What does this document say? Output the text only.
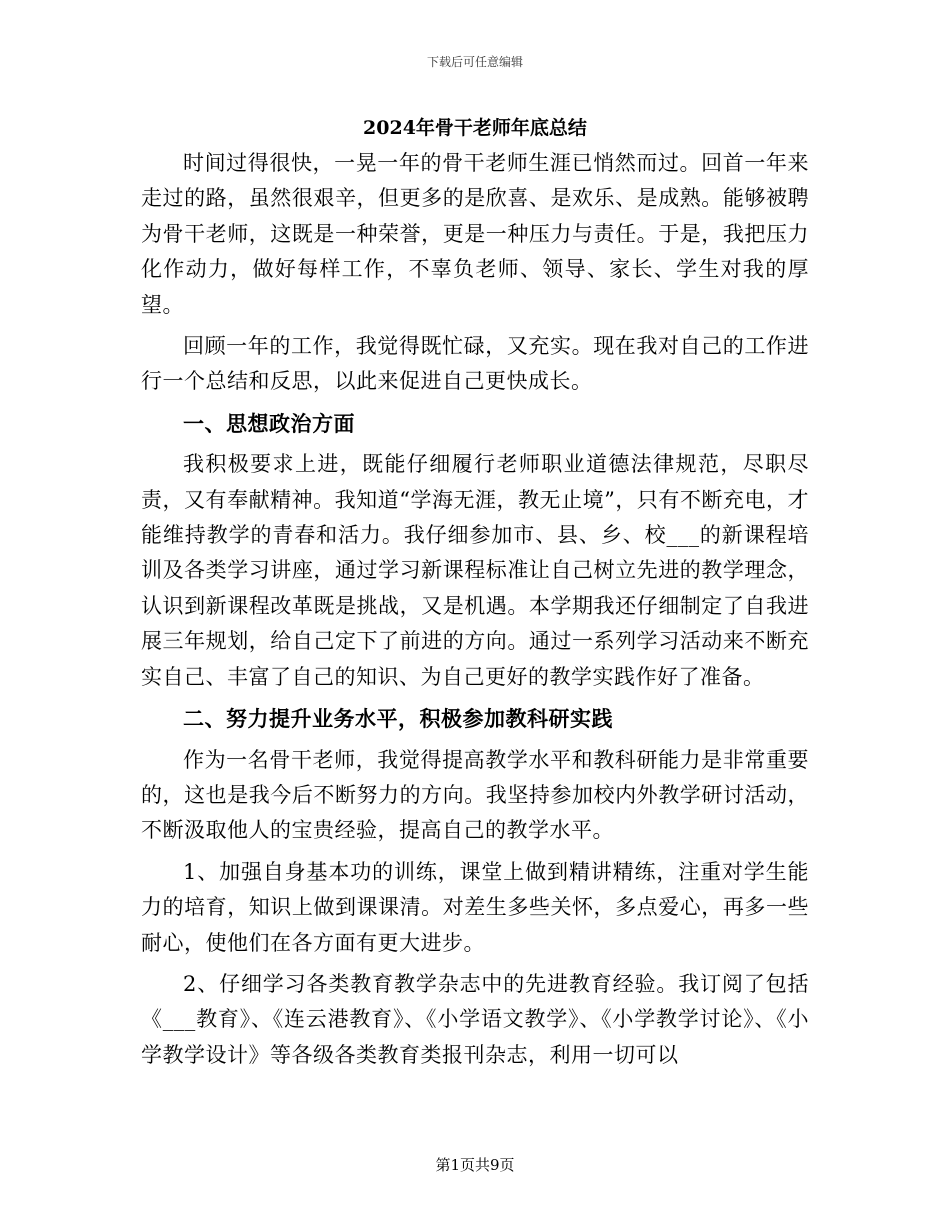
下载后可任意编辑
2024年骨干老师年底总结

时间过得很快，一晃一年的骨干老师生涯已悄然而过。回首一年来走过的路，虽然很艰辛，但更多的是欣喜、是欢乐、是成熟。能够被聘为骨干老师，这既是一种荣誉，更是一种压力与责任。于是，我把压力化作动力，做好每样工作，不辜负老师、领导、家长、学生对我的厚望。

回顾一年的工作，我觉得既忙碌，又充实。现在我对自己的工作进行一个总结和反思，以此来促进自己更快成长。

一、思想政治方面

我积极要求上进，既能仔细履行老师职业道德法律规范，尽职尽责，又有奉献精神。我知道“学海无涯，教无止境”，只有不断充电，才能维持教学的青春和活力。我仔细参加市、县、乡、校___的新课程培训及各类学习讲座，通过学习新课程标准让自己树立先进的教学理念，认识到新课程改革既是挑战，又是机遇。本学期我还仔细制定了自我进展三年规划，给自己定下了前进的方向。通过一系列学习活动来不断充实自己、丰富了自己的知识、为自己更好的教学实践作好了准备。

二、努力提升业务水平，积极参加教科研实践

作为一名骨干老师，我觉得提高教学水平和教科研能力是非常重要的，这也是我今后不断努力的方向。我坚持参加校内外教学研讨活动，不断汲取他人的宝贵经验，提高自己的教学水平。

1、加强自身基本功的训练，课堂上做到精讲精练，注重对学生能力的培育，知识上做到课课清。对差生多些关怀，多点爱心，再多一些耐心，使他们在各方面有更大进步。

2、仔细学习各类教育教学杂志中的先进教育经验。我订阅了包括《___教育》、《连云港教育》、《小学语文教学》、《小学教学讨论》、《小学教学设计》等各级各类教育类报刊杂志，利用一切可以

第1页共9页
